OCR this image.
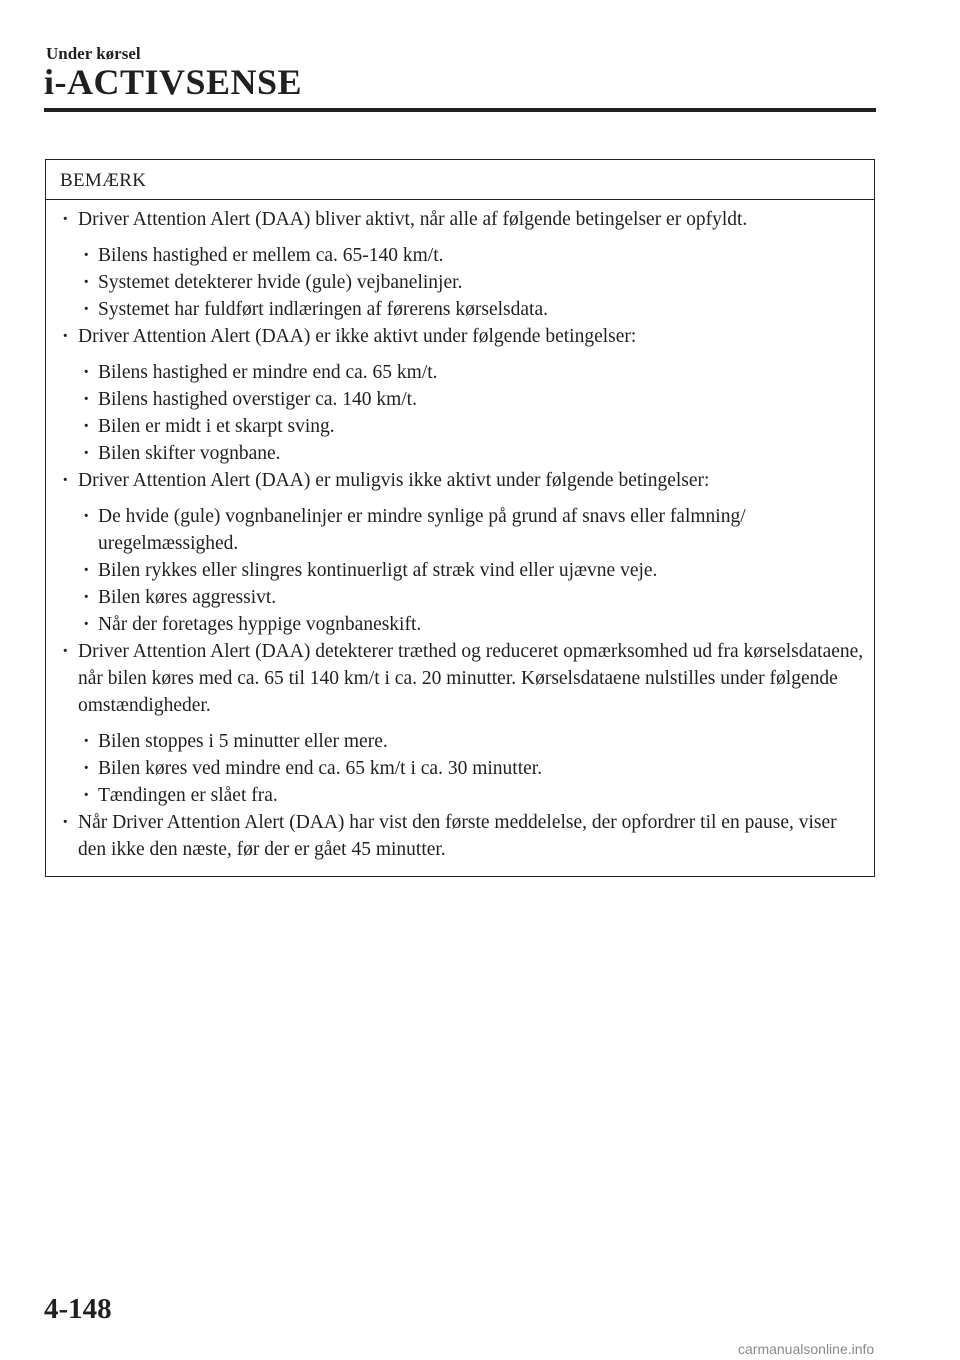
Under kørsel
i-ACTIVSENSE
BEMÆRK
· Driver Attention Alert (DAA) bliver aktivt, når alle af følgende betingelser er opfyldt.
· Bilens hastighed er mellem ca. 65-140 km/t.
· Systemet detekterer hvide (gule) vejbanelinjer.
· Systemet har fuldført indlæringen af førerens kørselsdata.
· Driver Attention Alert (DAA) er ikke aktivt under følgende betingelser:
· Bilens hastighed er mindre end ca. 65 km/t.
· Bilens hastighed overstiger ca. 140 km/t.
· Bilen er midt i et skarpt sving.
· Bilen skifter vognbane.
· Driver Attention Alert (DAA) er muligvis ikke aktivt under følgende betingelser:
· De hvide (gule) vognbanelinjer er mindre synlige på grund af snavs eller falmning/ uregelmæssighed.
· Bilen rykkes eller slingres kontinuerligt af stræk vind eller ujævne veje.
· Bilen køres aggressivt.
· Når der foretages hyppige vognbaneskift.
· Driver Attention Alert (DAA) detekterer træthed og reduceret opmærksomhed ud fra kørselsdataene, når bilen køres med ca. 65 til 140 km/t i ca. 20 minutter. Kørselsdataene nulstilles under følgende omstændigheder.
· Bilen stoppes i 5 minutter eller mere.
· Bilen køres ved mindre end ca. 65 km/t i ca. 30 minutter.
· Tændingen er slået fra.
· Når Driver Attention Alert (DAA) har vist den første meddelelse, der opfordrer til en pause, viser den ikke den næste, før der er gået 45 minutter.
4-148
carmanualsonline.info
